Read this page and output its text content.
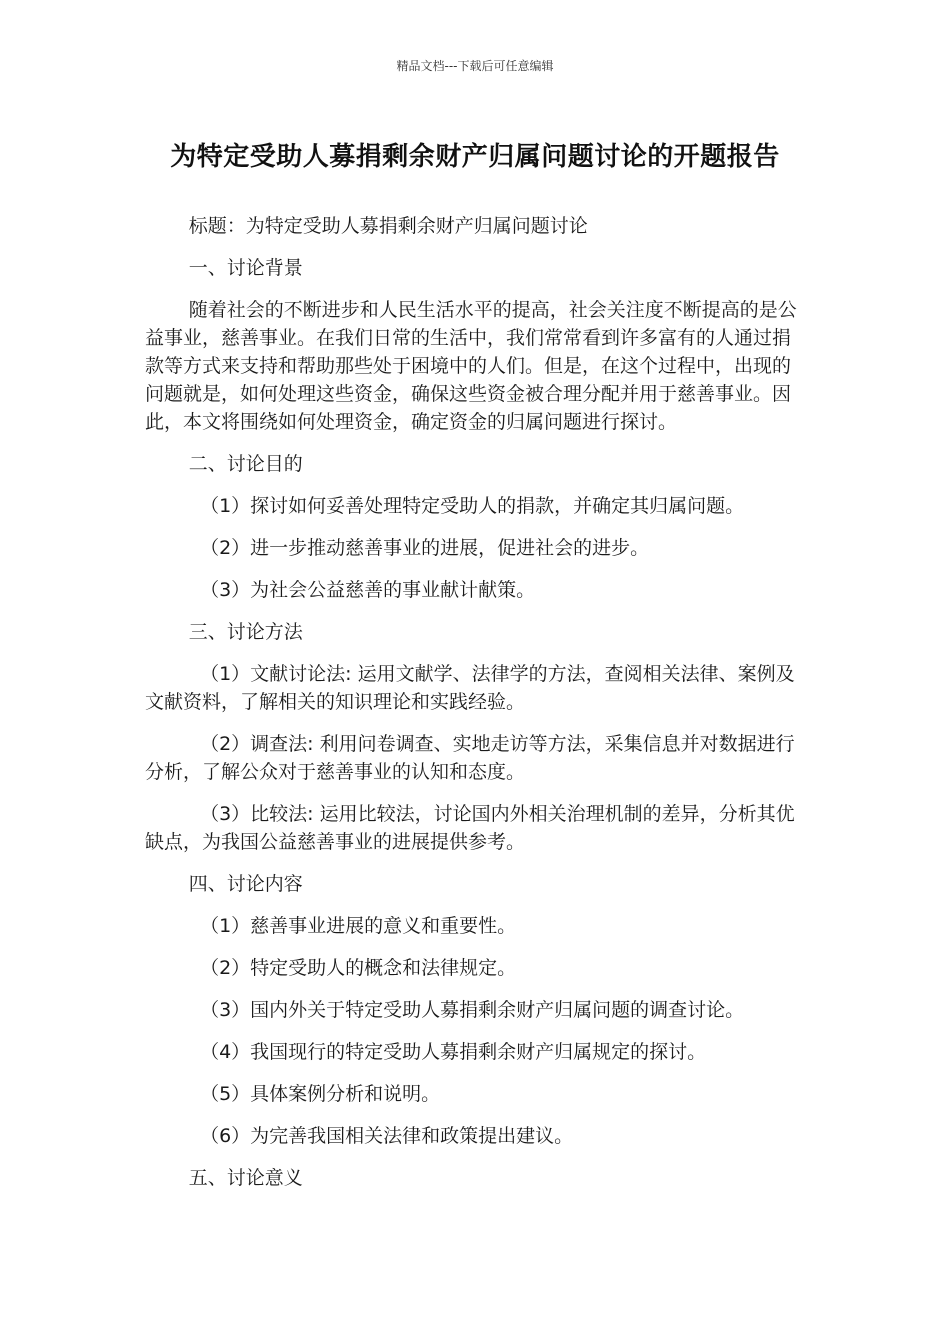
精品文档---下载后可任意编辑
为特定受助人募捐剩余财产归属问题讨论的开题报告

标题：为特定受助人募捐剩余财产归属问题讨论

一、讨论背景

随着社会的不断进步和人民生活水平的提高，社会关注度不断提高的是公益事业，慈善事业。在我们日常的生活中，我们常常看到许多富有的人通过捐款等方式来支持和帮助那些处于困境中的人们。但是，在这个过程中，出现的问题就是，如何处理这些资金，确保这些资金被合理分配并用于慈善事业。因此，本文将围绕如何处理资金，确定资金的归属问题进行探讨。

二、讨论目的

（1）探讨如何妥善处理特定受助人的捐款，并确定其归属问题。

（2）进一步推动慈善事业的进展，促进社会的进步。

（3）为社会公益慈善的事业献计献策。

三、讨论方法

（1）文献讨论法: 运用文献学、法律学的方法，查阅相关法律、案例及文献资料，了解相关的知识理论和实践经验。

（2）调查法: 利用问卷调查、实地走访等方法，采集信息并对数据进行分析，了解公众对于慈善事业的认知和态度。

（3）比较法: 运用比较法，讨论国内外相关治理机制的差异，分析其优缺点，为我国公益慈善事业的进展提供参考。

四、讨论内容

（1）慈善事业进展的意义和重要性。

（2）特定受助人的概念和法律规定。

（3）国内外关于特定受助人募捐剩余财产归属问题的调查讨论。

（4）我国现行的特定受助人募捐剩余财产归属规定的探讨。

（5）具体案例分析和说明。

（6）为完善我国相关法律和政策提出建议。

五、讨论意义
